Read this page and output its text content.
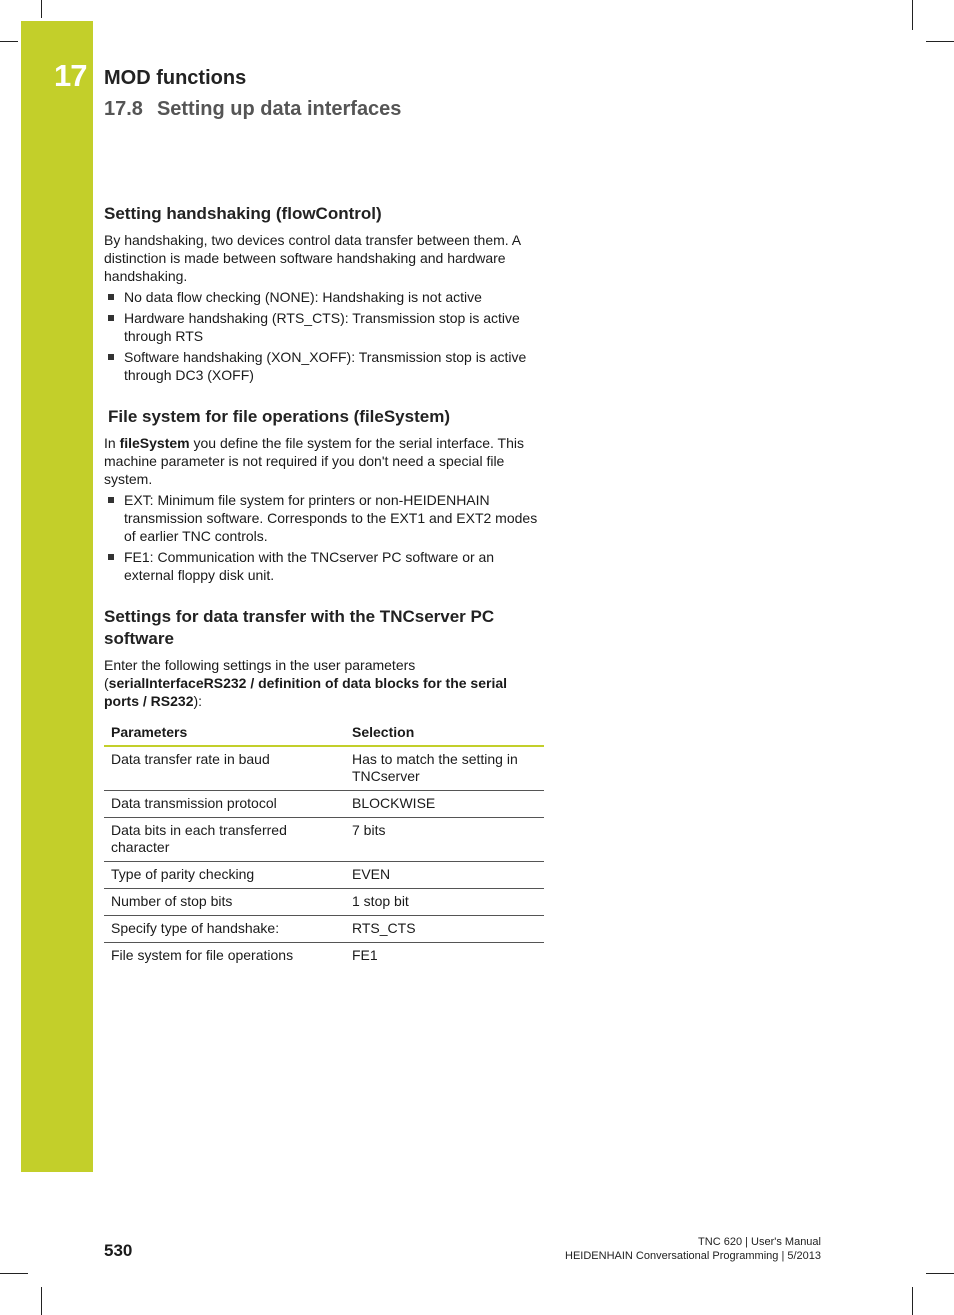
17 MOD functions
17.8 Setting up data interfaces
Setting handshaking (flowControl)

By handshaking, two devices control data transfer between them. A distinction is made between software handshaking and hardware handshaking.

No data flow checking (NONE): Handshaking is not active
Hardware handshaking (RTS_CTS): Transmission stop is active through RTS
Software handshaking (XON_XOFF): Transmission stop is active through DC3 (XOFF)
File system for file operations (fileSystem)

In fileSystem you define the file system for the serial interface. This machine parameter is not required if you don't need a special file system.

EXT: Minimum file system for printers or non-HEIDENHAIN transmission software. Corresponds to the EXT1 and EXT2 modes of earlier TNC controls.
FE1: Communication with the TNCserver PC software or an external floppy disk unit.
Settings for data transfer with the TNCserver PC software

Enter the following settings in the user parameters (serialInterfaceRS232 / definition of data blocks for the serial ports / RS232):

Parameters	Selection
Data transfer rate in baud	Has to match the setting in TNCserver
Data transmission protocol	BLOCKWISE
Data bits in each transferred character	7 bits
Type of parity checking	EVEN
Number of stop bits	1 stop bit
Specify type of handshake:	RTS_CTS
File system for file operations	FE1
530	TNC 620 | User's Manual
HEIDENHAIN Conversational Programming | 5/2013
